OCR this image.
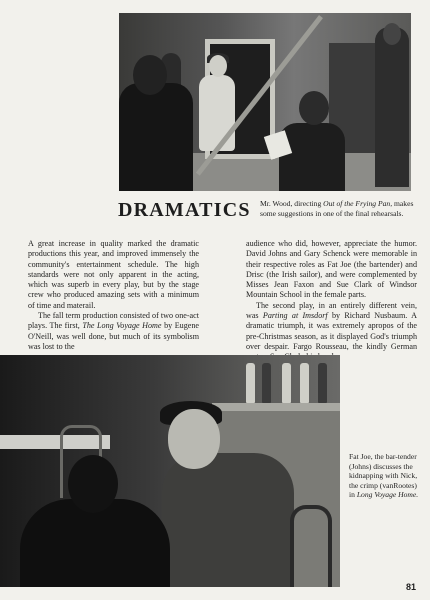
DRAMATICS Mr. Wood, directing Out of the Frying Pan, makes some suggestions in one of the final rehearsals.

A great increase in quality marked the dramatic productions this year, and improved immensely the community's entertainment schedule. The high standards were not only apparent in the acting, which was superb in every play, but by the stage crew who produced amazing sets with a minimum of time and materail.

The fall term production consisted of two one-act plays. The first, The Long Voyage Home by Eugene O'Neill, was well done, but much of its symbolism was lost to the

audience who did, however, appreciate the humor. David Johns and Gary Schenck were memorable in their respective roles as Fat Joe (the bartender) and Drisc (the Irish sailor), and were complemented by Misses Jean Faxon and Sue Clark of Windsor Mountain School in the female parts.

The second play, in an entirely different vein, was Parting at Imsdorf by Richard Nusbaum. A dramatic triumph, it was extremely apropos of the pre-Christmas season, as it displayed God's triumph over despair. Fargo Rousseau, the kindly German

Fat Joe, the bar-tender (Johns) discusses the kidnapping with Nick, the crimp (vanRootes) in Long Voyage Home.
81
